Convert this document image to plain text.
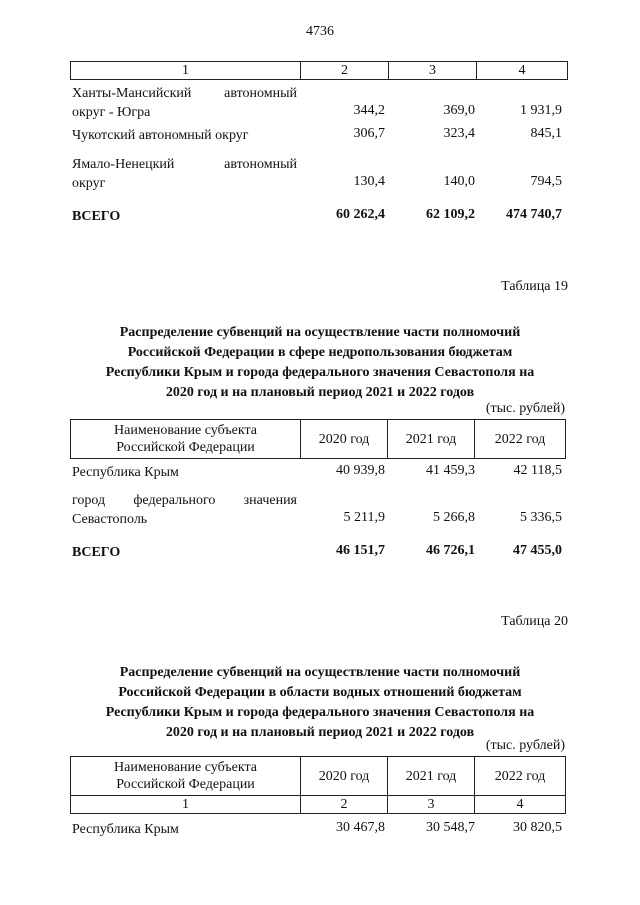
4736
1	2	3	4
Ханты-Мансийский автономный
округ - Югра	344,2	369,0	1 931,9
Чукотский автономный округ	306,7	323,4	845,1
Ямало-Ненецкий автономный
округ	130,4	140,0	794,5
ВСЕГО	60 262,4	62 109,2	474 740,7
Таблица 19
Распределение субвенций на осуществление части полномочий
Российской Федерации в сфере недропользования бюджетам
Республики Крым и города федерального значения Севастополя на
2020 год и на плановый период 2021 и 2022 годов
(тыс. рублей)
Наименование субъекта
Российской Федерации
	2020 год	2021 год	2022 год
Республика Крым	40 939,8	41 459,3	42 118,5
город федерального значения
Севастополь	5 211,9	5 266,8	5 336,5
ВСЕГО	46 151,7	46 726,1	47 455,0
Таблица 20
Распределение субвенций на осуществление части полномочий
Российской Федерации в области водных отношений бюджетам
Республики Крым и города федерального значения Севастополя на
2020 год и на плановый период 2021 и 2022 годов
(тыс. рублей)
Наименование субъекта
Российской Федерации	2020 год	2021 год	2022 год
1	2	3	4
Республика Крым	30 467,8	30 548,7	30 820,5
